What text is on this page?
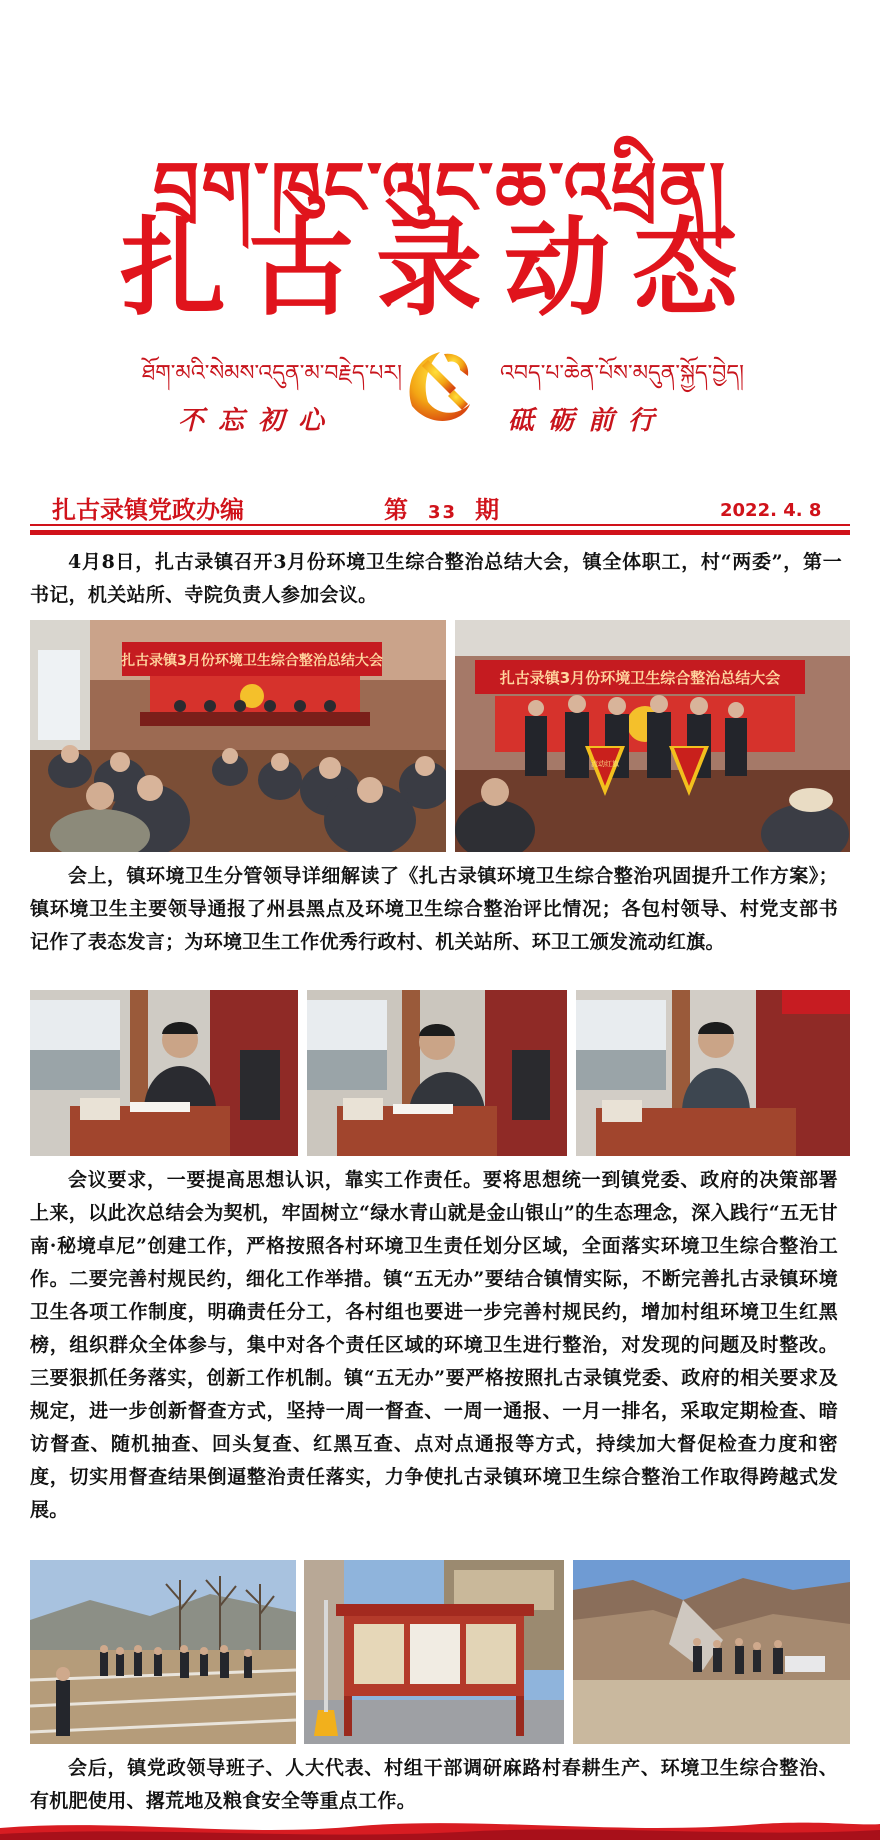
བྲག་ཁུང་ལུང་ཆ་འཕྲིན།
扎古录动态
ཐོག་མའི་སེམས་འདུན་མ་བརྗེད་པར།	འབད་པ་ཆེན་པོས་མདུན་སྐྱོད་བྱེད།
不忘初心	砥砺前行
扎古录镇党政办编	第 33 期	2022. 4. 8
4月8日，扎古录镇召开3月份环境卫生综合整治总结大会，镇全体职工，村“两委”，第一书记，机关站所、寺院负责人参加会议。
扎古录镇3月份环境卫生综合整治总结大会
扎古录镇3月份环境卫生综合整治总结大会
流动红旗
会上，镇环境卫生分管领导详细解读了《扎古录镇环境卫生综合整治巩固提升工作方案》；镇环境卫生主要领导通报了州县黑点及环境卫生综合整治评比情况；各包村领导、村党支部书记作了表态发言；为环境卫生工作优秀行政村、机关站所、环卫工颁发流动红旗。
会议要求，一要提高思想认识，靠实工作责任。要将思想统一到镇党委、政府的决策部署上来，以此次总结会为契机，牢固树立“绿水青山就是金山银山”的生态理念，深入践行“五无甘南·秘境卓尼”创建工作，严格按照各村环境卫生责任划分区域，全面落实环境卫生综合整治工作。二要完善村规民约，细化工作举措。镇“五无办”要结合镇情实际，不断完善扎古录镇环境卫生各项工作制度，明确责任分工，各村组也要进一步完善村规民约，增加村组环境卫生红黑榜，组织群众全体参与，集中对各个责任区域的环境卫生进行整治，对发现的问题及时整改。三要狠抓任务落实，创新工作机制。镇“五无办”要严格按照扎古录镇党委、政府的相关要求及规定，进一步创新督查方式，坚持一周一督查、一周一通报、一月一排名，采取定期检查、暗访督查、随机抽查、回头复查、红黑互查、点对点通报等方式，持续加大督促检查力度和密度，切实用督查结果倒逼整治责任落实，力争使扎古录镇环境卫生综合整治工作取得跨越式发展。
会后，镇党政领导班子、人大代表、村组干部调研麻路村春耕生产、环境卫生综合整治、有机肥使用、撂荒地及粮食安全等重点工作。
